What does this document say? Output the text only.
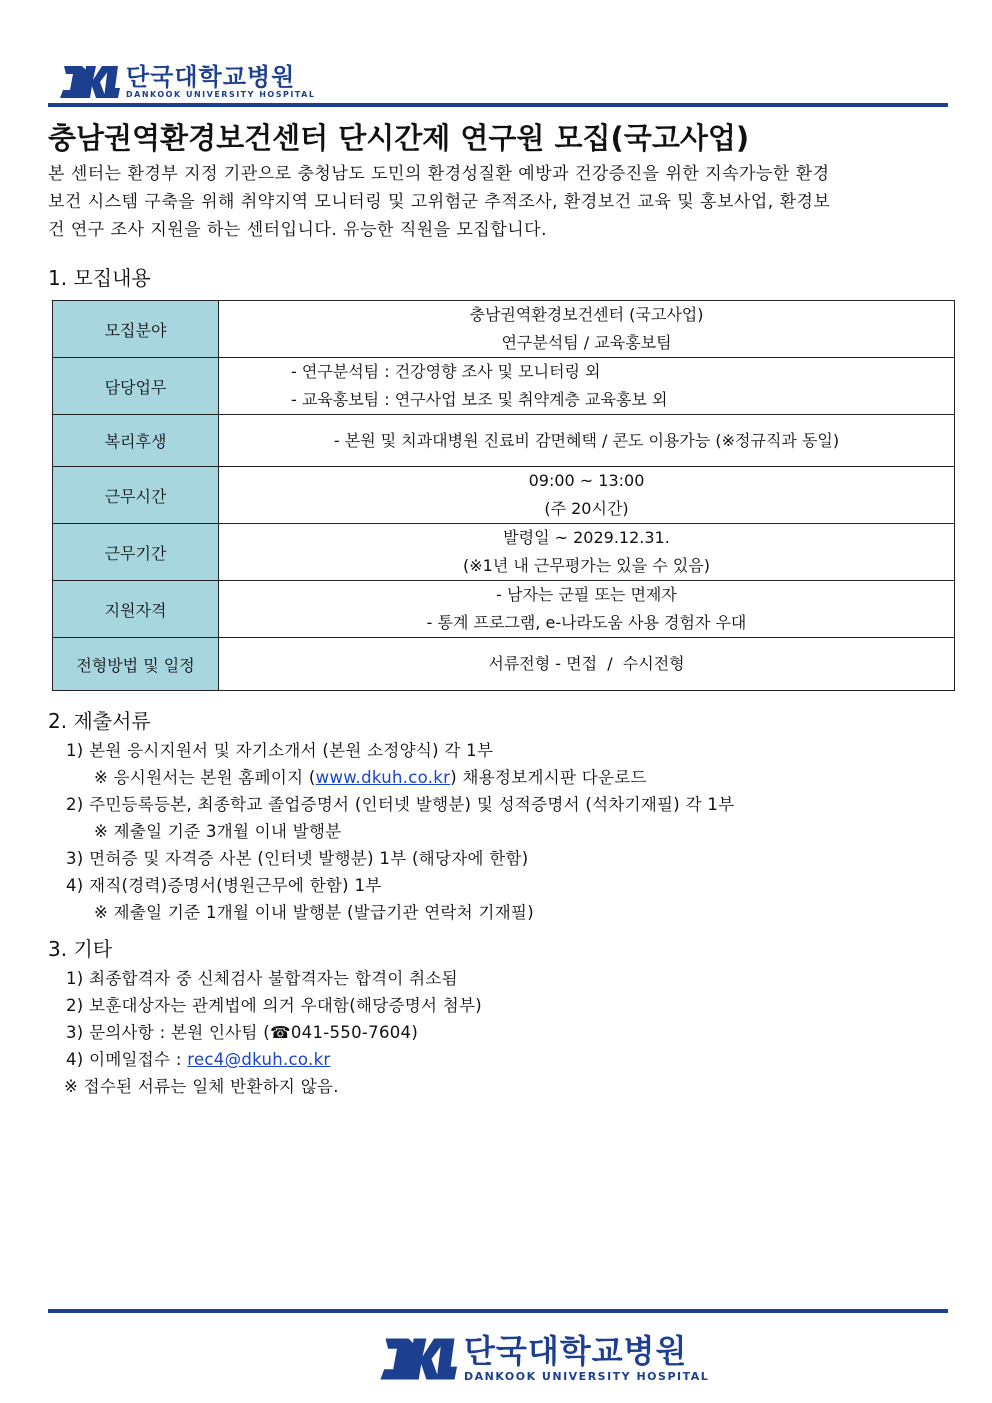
단국대학교병원
DANKOOK UNIVERSITY HOSPITAL
충남권역환경보건센터 단시간제 연구원 모집(국고사업)
본 센터는 환경부 지정 기관으로 충청남도 도민의 환경성질환 예방과 건강증진을 위한 지속가능한 환경
보건 시스템 구축을 위해 취약지역 모니터링 및 고위험군 추적조사, 환경보건 교육 및 홍보사업, 환경보
건 연구 조사 지원을 하는 센터입니다. 유능한 직원을 모집합니다.
1. 모집내용
모집분야	충남권역환경보건센터 (국고사업)
연구분석팀 / 교육홍보팀

담당업무	- 연구분석팀 : 건강영향 조사 및 모니터링 외
- 교육홍보팀 : 연구사업 보조 및 취약계층 교육홍보 외

복리후생	- 본원 및 치과대병원 진료비 감면혜택 / 콘도 이용가능 (※정규직과 동일)

근무시간	09:00 ~ 13:00
(주 20시간)

근무기간	발령일 ~ 2029.12.31.
(※1년 내 근무평가는 있을 수 있음)

지원자격	- 남자는 군필 또는 면제자
- 통계 프로그램, e-나라도움 사용 경험자 우대

전형방법 및 일정	서류전형 - 면접  /  수시전형
2. 제출서류
1) 본원 응시지원서 및 자기소개서 (본원 소정양식) 각 1부
※ 응시원서는 본원 홈페이지 (www.dkuh.co.kr) 채용정보게시판 다운로드
2) 주민등록등본, 최종학교 졸업증명서 (인터넷 발행분) 및 성적증명서 (석차기재필) 각 1부
※ 제출일 기준 3개월 이내 발행분
3) 면허증 및 자격증 사본 (인터넷 발행분) 1부 (해당자에 한함)
4) 재직(경력)증명서(병원근무에 한함) 1부
※ 제출일 기준 1개월 이내 발행분 (발급기관 연락처 기재필)
3. 기타
1) 최종합격자 중 신체검사 불합격자는 합격이 취소됨
2) 보훈대상자는 관계법에 의거 우대함(해당증명서 첨부)
3) 문의사항 : 본원 인사팀 (☎041-550-7604)
4) 이메일접수 : rec4@dkuh.co.kr
※ 접수된 서류는 일체 반환하지 않음.
단국대학교병원
DANKOOK UNIVERSITY HOSPITAL
